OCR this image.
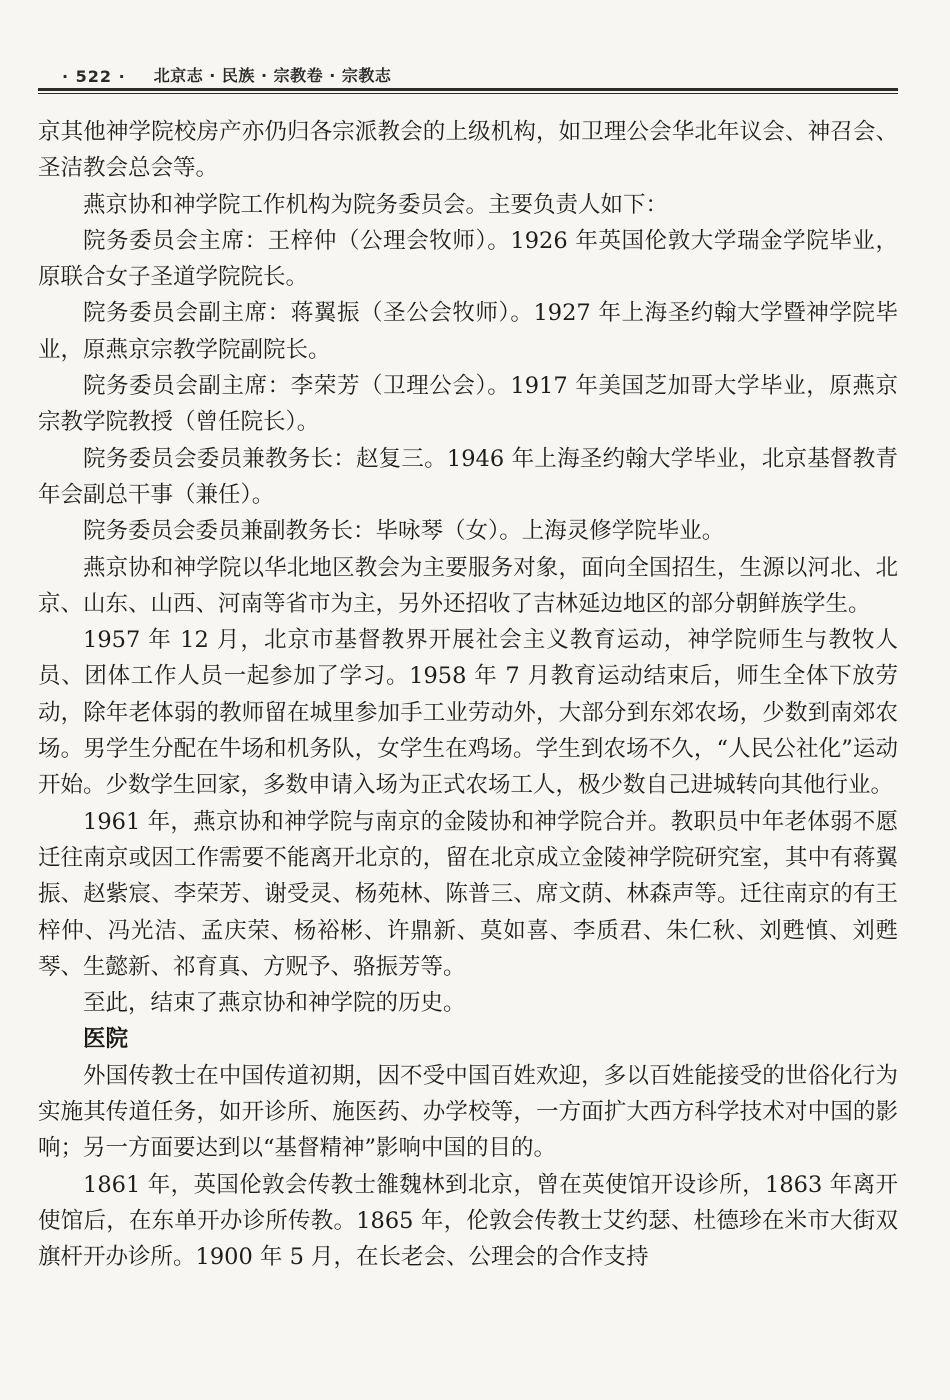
· 522 · 北京志 · 民族 · 宗教卷 · 宗教志

京其他神学院校房产亦仍归各宗派教会的上级机构，如卫理公会华北年议会、神召会、圣洁教会总会等。

燕京协和神学院工作机构为院务委员会。主要负责人如下：

院务委员会主席：王梓仲（公理会牧师）。1926 年英国伦敦大学瑞金学院毕业，原联合女子圣道学院院长。

院务委员会副主席：蒋翼振（圣公会牧师）。1927 年上海圣约翰大学暨神学院毕业，原燕京宗教学院副院长。

院务委员会副主席：李荣芳（卫理公会）。1917 年美国芝加哥大学毕业，原燕京宗教学院教授（曾任院长）。

院务委员会委员兼教务长：赵复三。1946 年上海圣约翰大学毕业，北京基督教青年会副总干事（兼任）。

院务委员会委员兼副教务长：毕咏琴（女）。上海灵修学院毕业。

燕京协和神学院以华北地区教会为主要服务对象，面向全国招生，生源以河北、北京、山东、山西、河南等省市为主，另外还招收了吉林延边地区的部分朝鲜族学生。

1957 年 12 月，北京市基督教界开展社会主义教育运动，神学院师生与教牧人员、团体工作人员一起参加了学习。1958 年 7 月教育运动结束后，师生全体下放劳动，除年老体弱的教师留在城里参加手工业劳动外，大部分到东郊农场，少数到南郊农场。男学生分配在牛场和机务队，女学生在鸡场。学生到农场不久，“人民公社化”运动开始。少数学生回家，多数申请入场为正式农场工人，极少数自己进城转向其他行业。

1961 年，燕京协和神学院与南京的金陵协和神学院合并。教职员中年老体弱不愿迁往南京或因工作需要不能离开北京的，留在北京成立金陵神学院研究室，其中有蒋翼振、赵紫宸、李荣芳、谢受灵、杨苑林、陈普三、席文荫、林森声等。迁往南京的有王梓仲、冯光洁、孟庆荣、杨裕彬、许鼎新、莫如喜、李质君、朱仁秋、刘甦慎、刘甦琴、生懿新、祁育真、方贶予、骆振芳等。

至此，结束了燕京协和神学院的历史。

医院

外国传教士在中国传道初期，因不受中国百姓欢迎，多以百姓能接受的世俗化行为实施其传道任务，如开诊所、施医药、办学校等，一方面扩大西方科学技术对中国的影响；另一方面要达到以“基督精神”影响中国的目的。

1861 年，英国伦敦会传教士雒魏林到北京，曾在英使馆开设诊所，1863 年离开使馆后，在东单开办诊所传教。1865 年，伦敦会传教士艾约瑟、杜德珍在米市大街双旗杆开办诊所。1900 年 5 月，在长老会、公理会的合作支持
